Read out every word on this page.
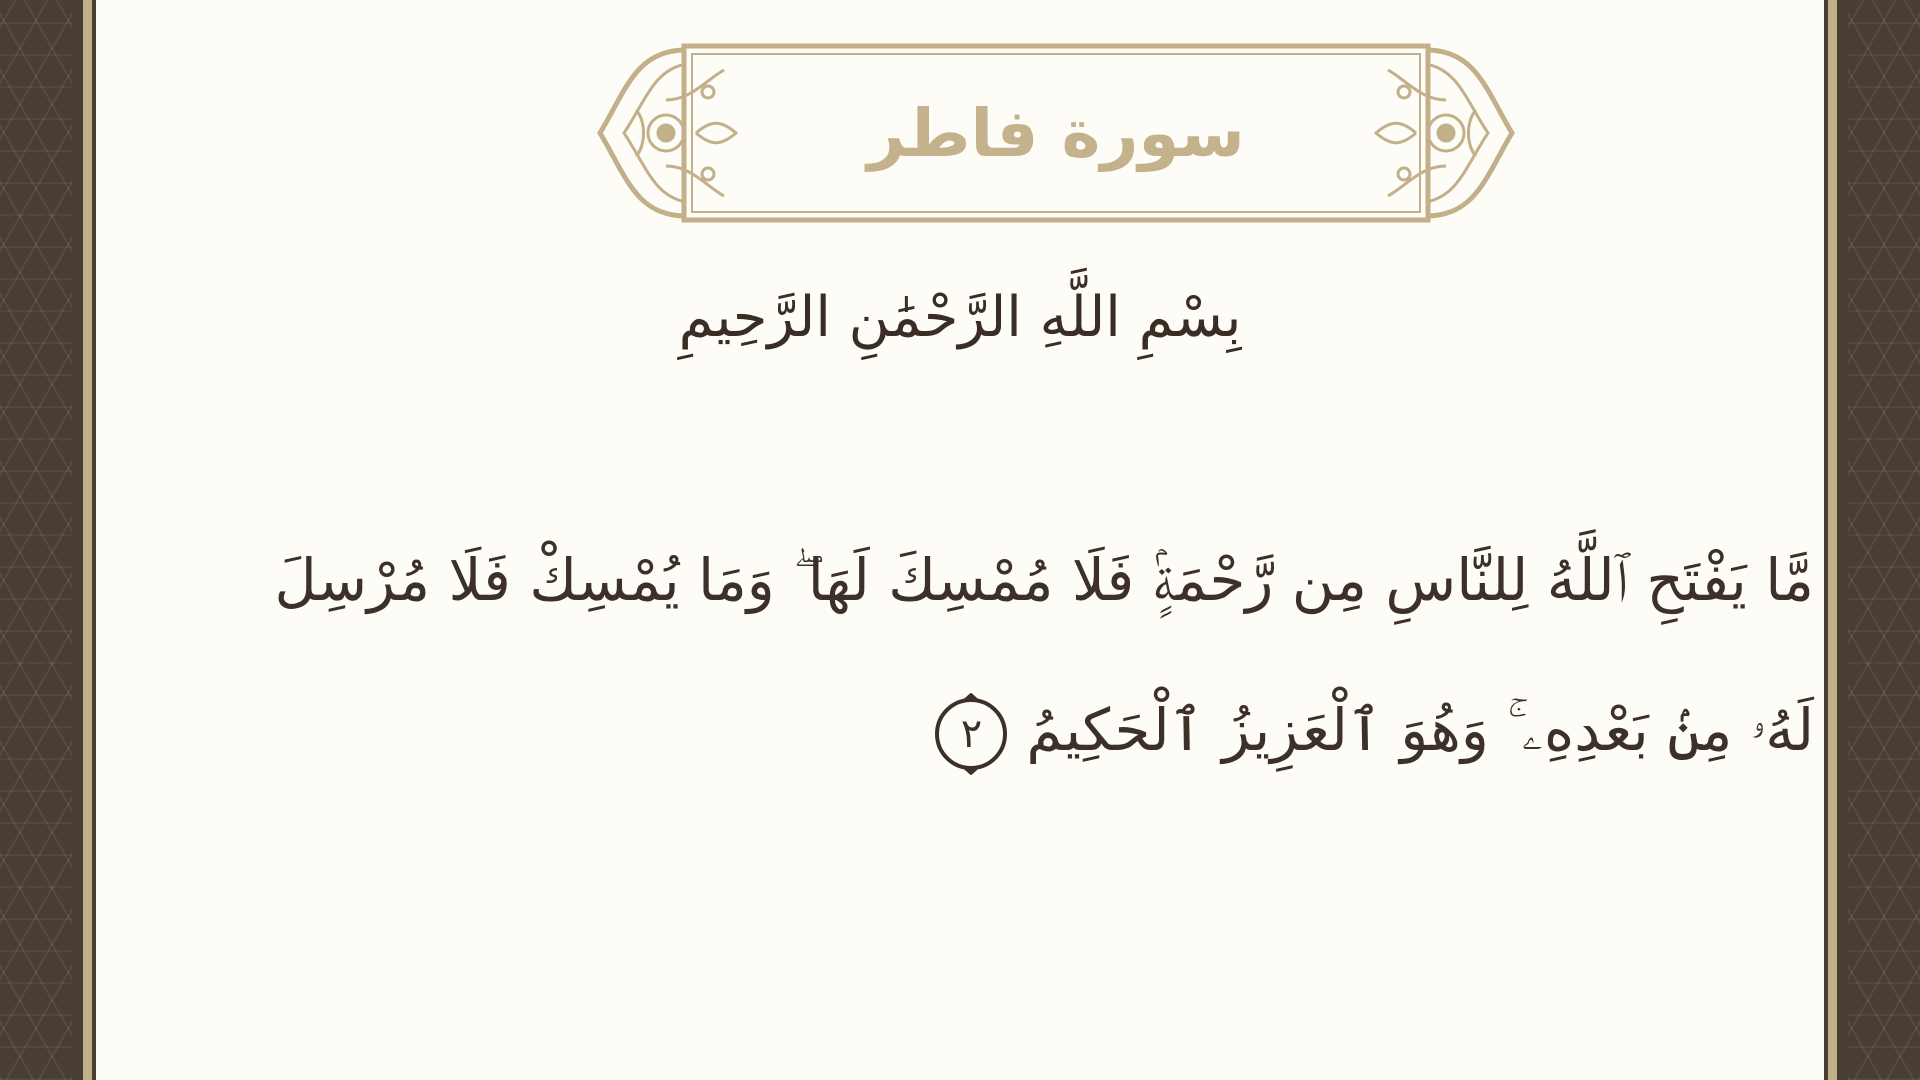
سورة فاطر
بِسْمِ اللَّهِ الرَّحْمَٰنِ الرَّحِيمِ
مَّا يَفْتَحِ ٱللَّهُ لِلنَّاسِ مِن رَّحْمَةٍۢ فَلَا مُمْسِكَ لَهَا ۖ وَمَا يُمْسِكْ فَلَا مُرْسِلَ
لَهُۥ مِنۢ بَعْدِهِۦ ۚ وَهُوَ ٱلْعَزِيزُ ٱلْحَكِيمُ
٢
